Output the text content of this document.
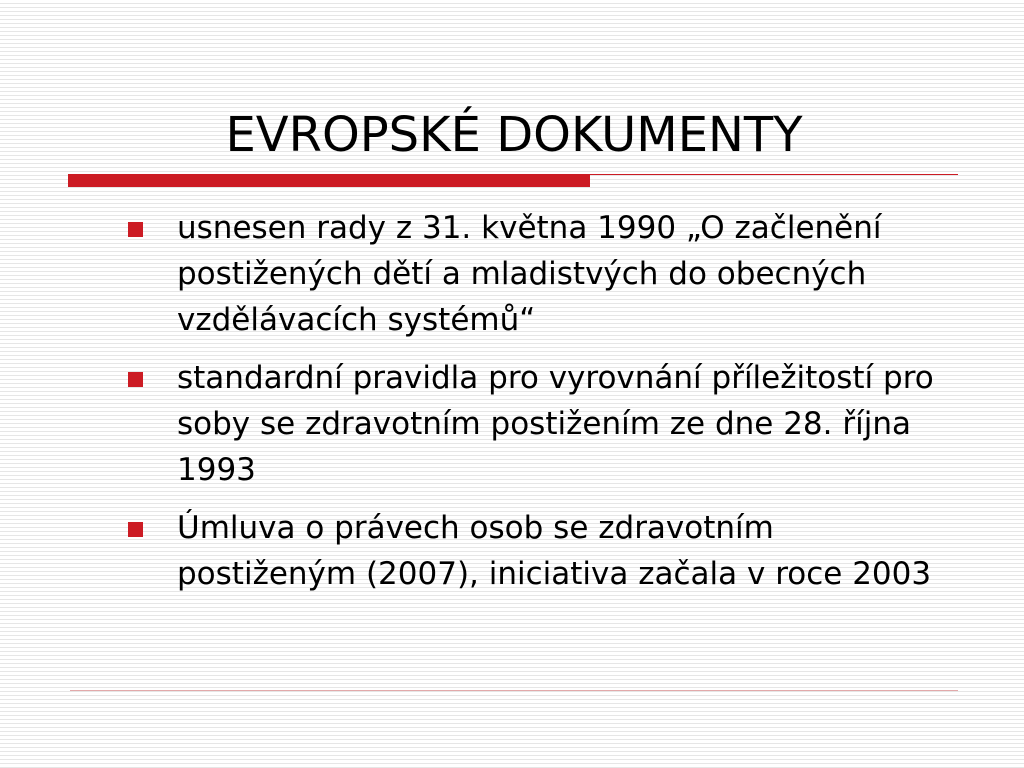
EVROPSKÉ DOKUMENTY
usnesen rady z 31. května 1990 „O začlenění postižených dětí a mladistvých do obecných vzdělávacích systémů“
standardní pravidla pro vyrovnání příležitostí pro soby se zdravotním postižením ze dne 28. října 1993
Úmluva o právech osob se zdravotním postiženým (2007), iniciativa začala v roce 2003
